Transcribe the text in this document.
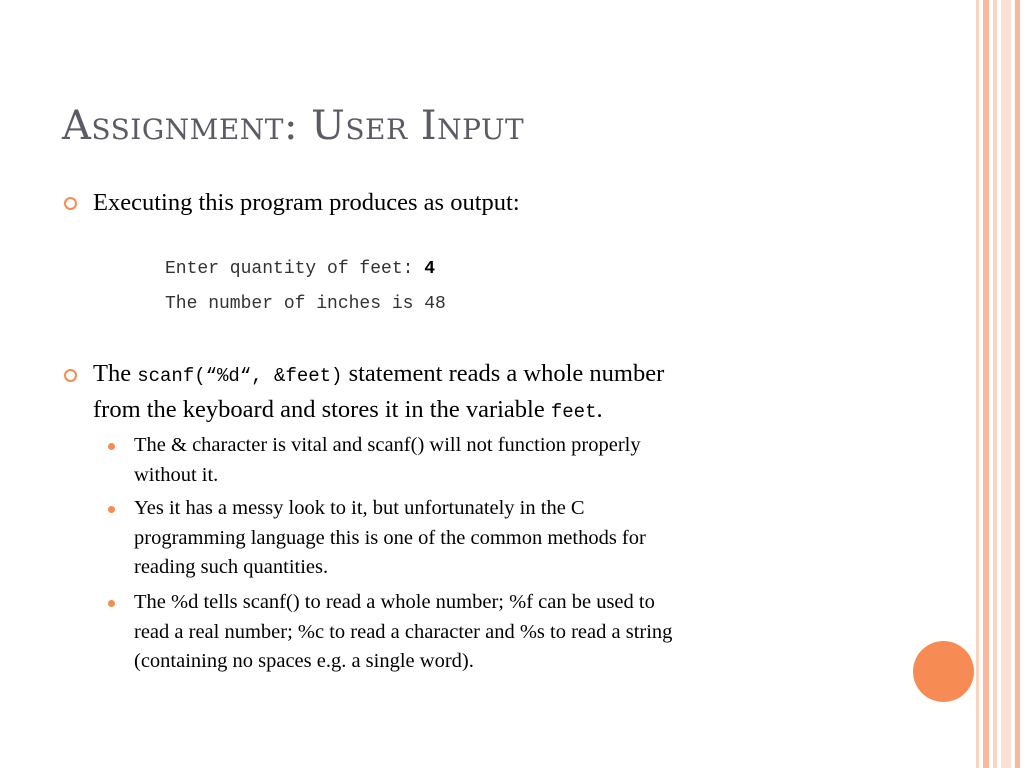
Assignment: User Input
Executing this program produces as output:
Enter quantity of feet: 4
The number of inches is 48
The scanf(“%d“, &feet) statement reads a whole number
from the keyboard and stores it in the variable feet.
The & character is vital and scanf() will not function properly
without it.
Yes it has a messy look to it, but unfortunately in the C
programming language this is one of the common methods for
reading such quantities.
The %d tells scanf() to read a whole number; %f can be used to
read a real number; %c to read a character and %s to read a string
(containing no spaces e.g. a single word).
